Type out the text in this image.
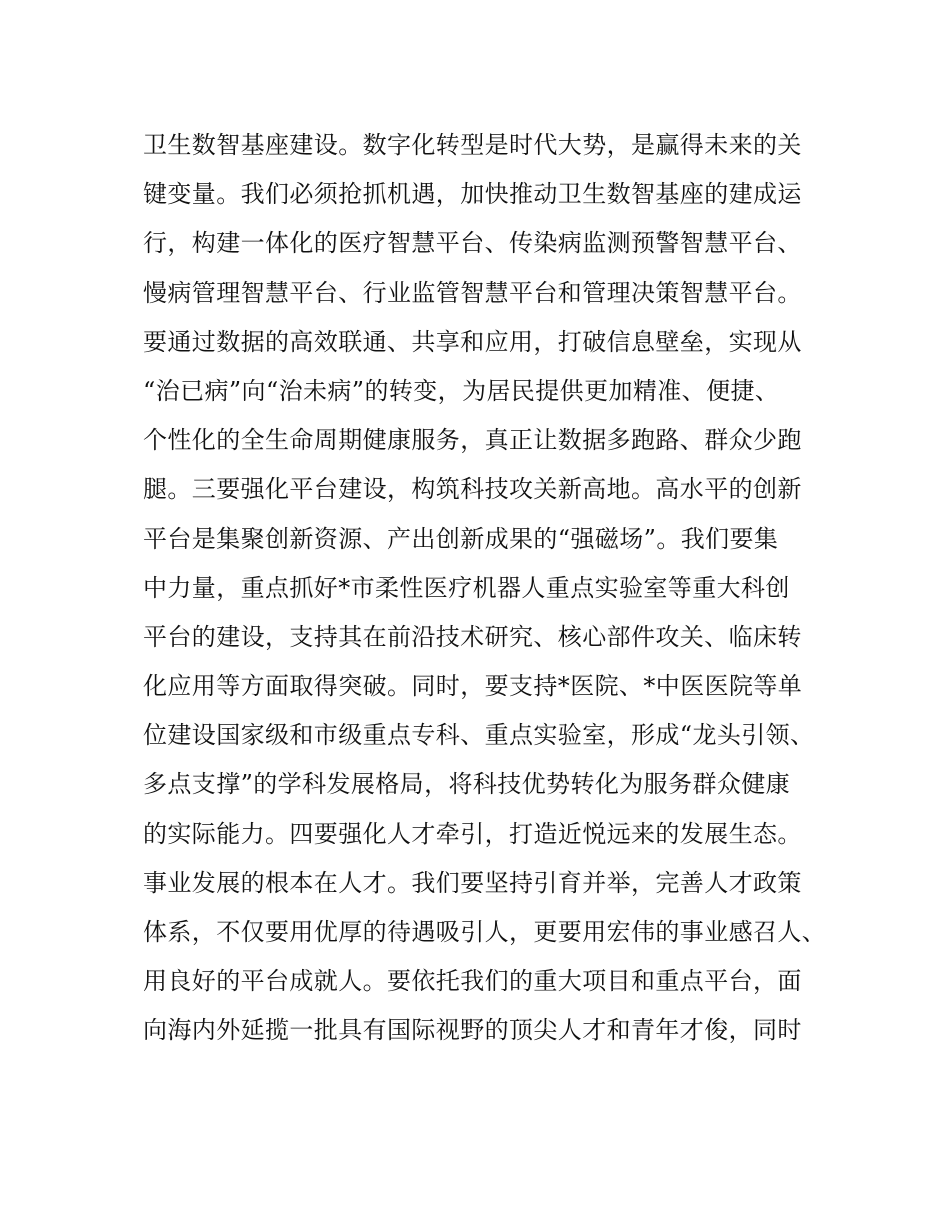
卫生数智基座建设。数字化转型是时代大势，是赢得未来的关
键变量。我们必须抢抓机遇，加快推动卫生数智基座的建成运
行，构建一体化的医疗智慧平台、传染病监测预警智慧平台、
慢病管理智慧平台、行业监管智慧平台和管理决策智慧平台。
要通过数据的高效联通、共享和应用，打破信息壁垒，实现从
“治已病”向“治未病”的转变，为居民提供更加精准、便捷、
个性化的全生命周期健康服务，真正让数据多跑路、群众少跑
腿。三要强化平台建设，构筑科技攻关新高地。高水平的创新
平台是集聚创新资源、产出创新成果的“强磁场”。我们要集
中力量，重点抓好*市柔性医疗机器人重点实验室等重大科创
平台的建设，支持其在前沿技术研究、核心部件攻关、临床转
化应用等方面取得突破。同时，要支持*医院、*中医医院等单
位建设国家级和市级重点专科、重点实验室，形成“龙头引领、
多点支撑”的学科发展格局，将科技优势转化为服务群众健康
的实际能力。四要强化人才牵引，打造近悦远来的发展生态。
事业发展的根本在人才。我们要坚持引育并举，完善人才政策
体系，不仅要用优厚的待遇吸引人，更要用宏伟的事业感召人、
用良好的平台成就人。要依托我们的重大项目和重点平台，面
向海内外延揽一批具有国际视野的顶尖人才和青年才俊，同时
